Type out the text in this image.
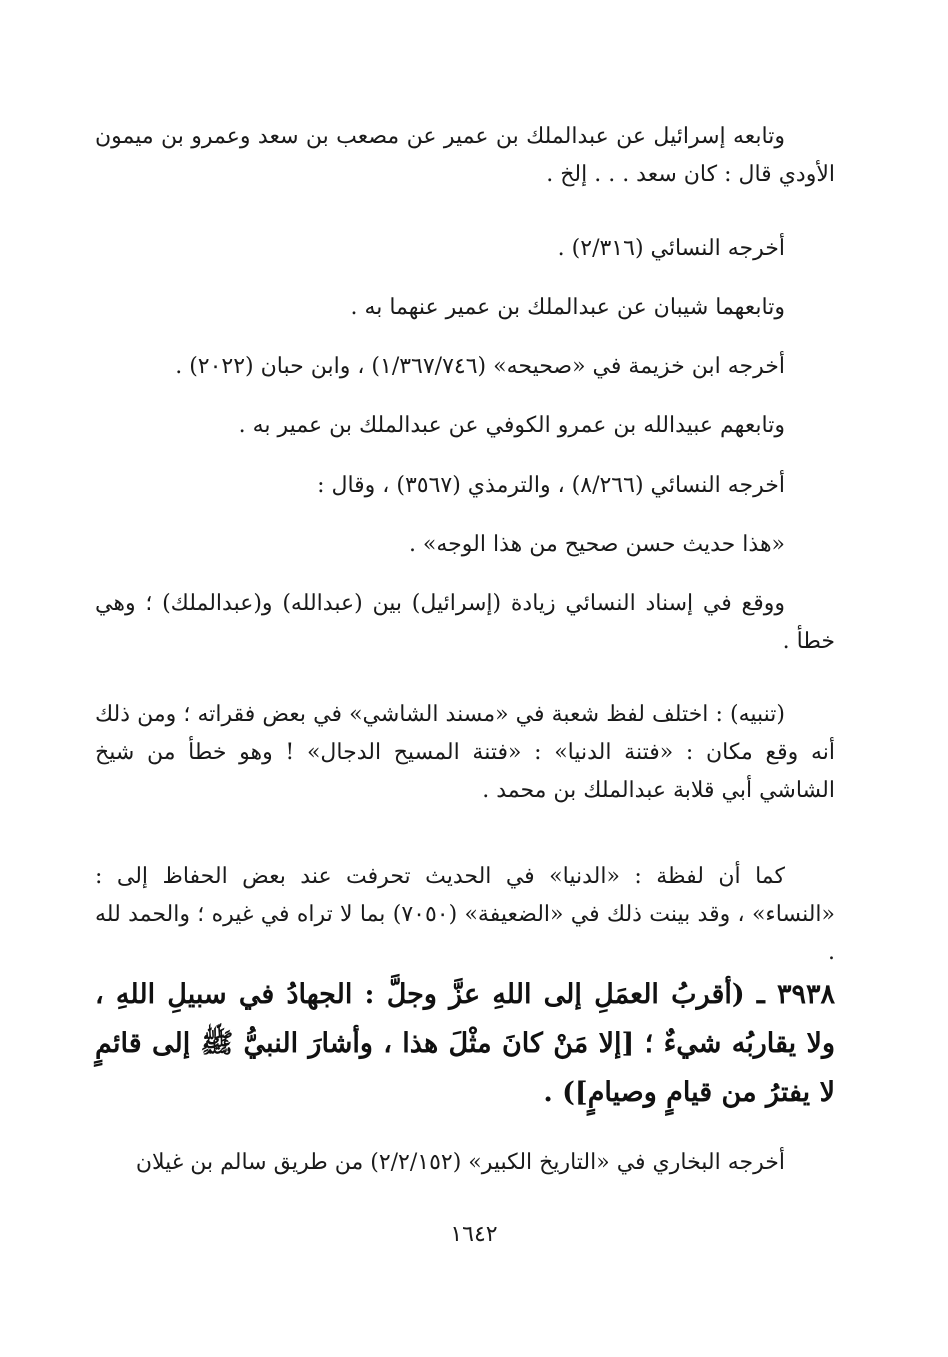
وتابعه إسرائيل عن عبدالملك بن عمير عن مصعب بن سعد وعمرو بن ميمون الأودي قال : كان سعد . . . إلخ .

أخرجه النسائي (٢/٣١٦) .

وتابعهما شيبان عن عبدالملك بن عمير عنهما به .

أخرجه ابن خزيمة في «صحيحه» (١/٣٦٧/٧٤٦) ، وابن حبان (٢٠٢٢) .

وتابعهم عبيدالله بن عمرو الكوفي عن عبدالملك بن عمير به .

أخرجه النسائي (٨/٢٦٦) ، والترمذي (٣٥٦٧) ، وقال :

«هذا حديث حسن صحيح من هذا الوجه» .

ووقع في إسناد النسائي زيادة (إسرائيل) بين (عبدالله) و(عبدالملك) ؛ وهي خطأ .

(تنبيه) : اختلف لفظ شعبة في «مسند الشاشي» في بعض فقراته ؛ ومن ذلك أنه وقع مكان : «فتنة الدنيا» : «فتنة المسيح الدجال» ! وهو خطأ من شيخ الشاشي أبي قلابة عبدالملك بن محمد .

كما أن لفظة : «الدنيا» في الحديث تحرفت عند بعض الحفاظ إلى : «النساء» ، وقد بينت ذلك في «الضعيفة» (٧٠٥٠) بما لا تراه في غيره ؛ والحمد لله .

٣٩٣٨ ـ (أقربُ العمَلِ إلى اللهِ عزَّ وجلَّ : الجهادُ في سبيلِ اللهِ ، ولا يقاربُه شيءٌ ؛ [إلا مَنْ كانَ مثْلَ هذا ، وأشارَ النبيُّ ﷺ إلى قائمٍ لا يفترُ من قيامٍ وصيامٍ]) .

أخرجه البخاري في «التاريخ الكبير» (٢/٢/١٥٢) من طريق سالم بن غيلان

١٦٤٢
